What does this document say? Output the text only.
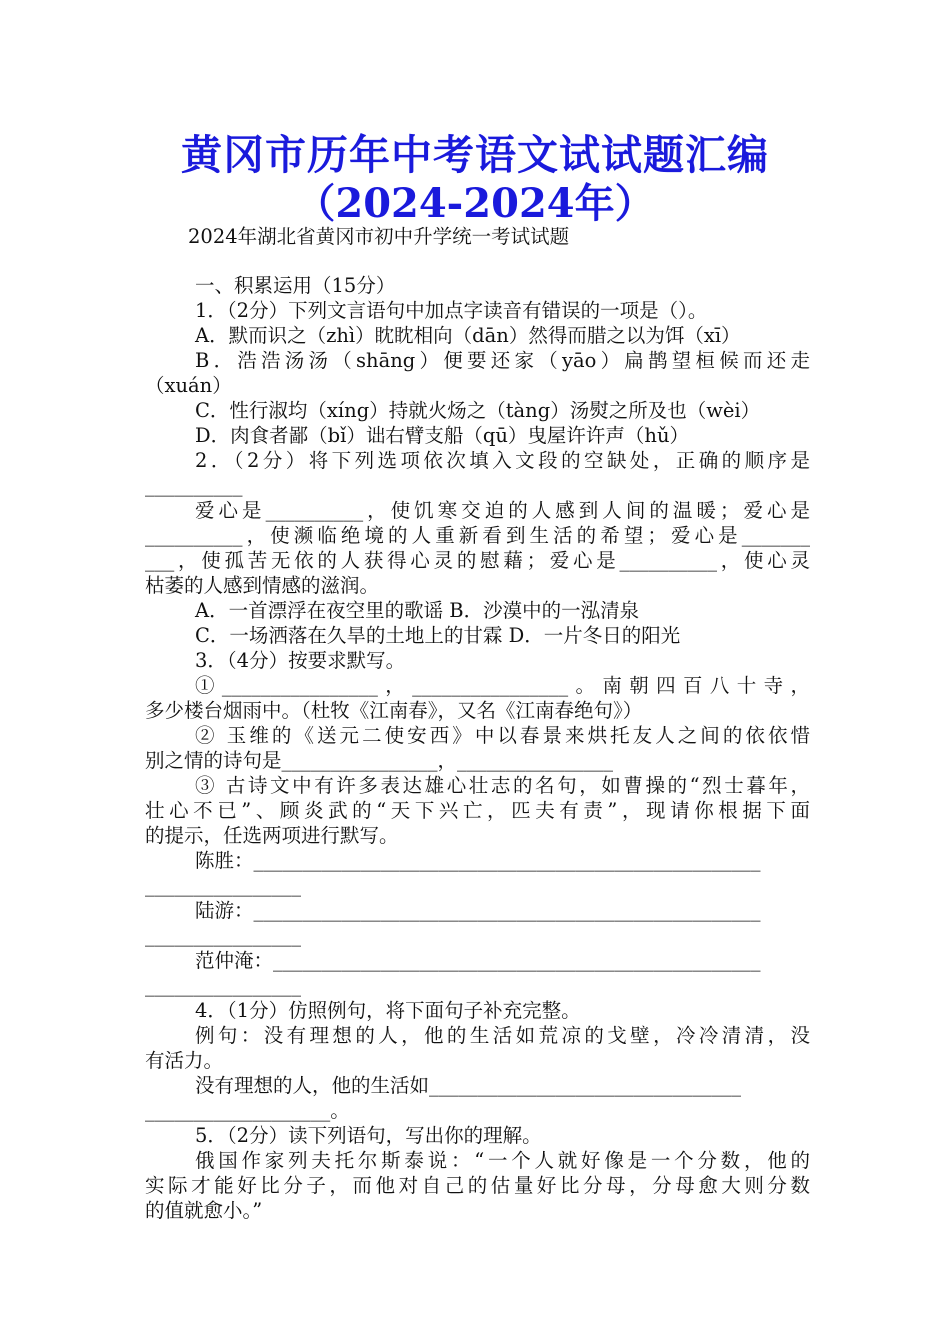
黄冈市历年中考语文试试题汇编
（2024-2024年）
2024年湖北省黄冈市初中升学统一考试试题
一、积累运用（15分）
1．（2分）下列文言语句中加点字读音有错误的一项是（）。
A．默而识之（zhì）眈眈相向（dān）然得而腊之以为饵（xī）
B．浩浩汤汤（shāng）便要还家（yāo）扁鹊望桓候而还走
（xuán）
C．性行淑均（xíng）持就火炀之（tàng）汤熨之所及也（wèi）
D．肉食者鄙（bǐ）诎右臂支船（qū）曳屋许许声（hǔ）
2．（2分）将下列选项依次填入文段的空缺处，正确的顺序是
__________
爱心是__________，使饥寒交迫的人感到人间的温暖；爱心是
__________，使濒临绝境的人重新看到生活的希望；爱心是_______
___，使孤苦无依的人获得心灵的慰藉；爱心是__________，使心灵
枯萎的人感到情感的滋润。
A．一首漂浮在夜空里的歌谣 B．沙漠中的一泓清泉
C．一场洒落在久旱的土地上的甘霖 D．一片冬日的阳光
3．（4分）按要求默写。
①________________，________________。南朝四百八十寺，
多少楼台烟雨中。（杜牧《江南春》，又名《江南春绝句》）
② 玉维的《送元二使安西》中以春景来烘托友人之间的依依惜
别之情的诗句是________________，________________
③ 古诗文中有许多表达雄心壮志的名句，如曹操的“烈士暮年，
壮心不已”、顾炎武的“天下兴亡，匹夫有责”，现请你根据下面
的提示，任选两项进行默写。
陈胜：____________________________________________________
________________
陆游：____________________________________________________
________________
范仲淹：__________________________________________________
________________
4．（1分）仿照例句，将下面句子补充完整。
例句：没有理想的人，他的生活如荒凉的戈壁，冷冷清清，没
有活力。
没有理想的人，他的生活如________________________________
___________________。
5．（2分）读下列语句，写出你的理解。
俄国作家列夫托尔斯泰说：“一个人就好像是一个分数，他的
实际才能好比分子，而他对自己的估量好比分母，分母愈大则分数
的值就愈小。”
